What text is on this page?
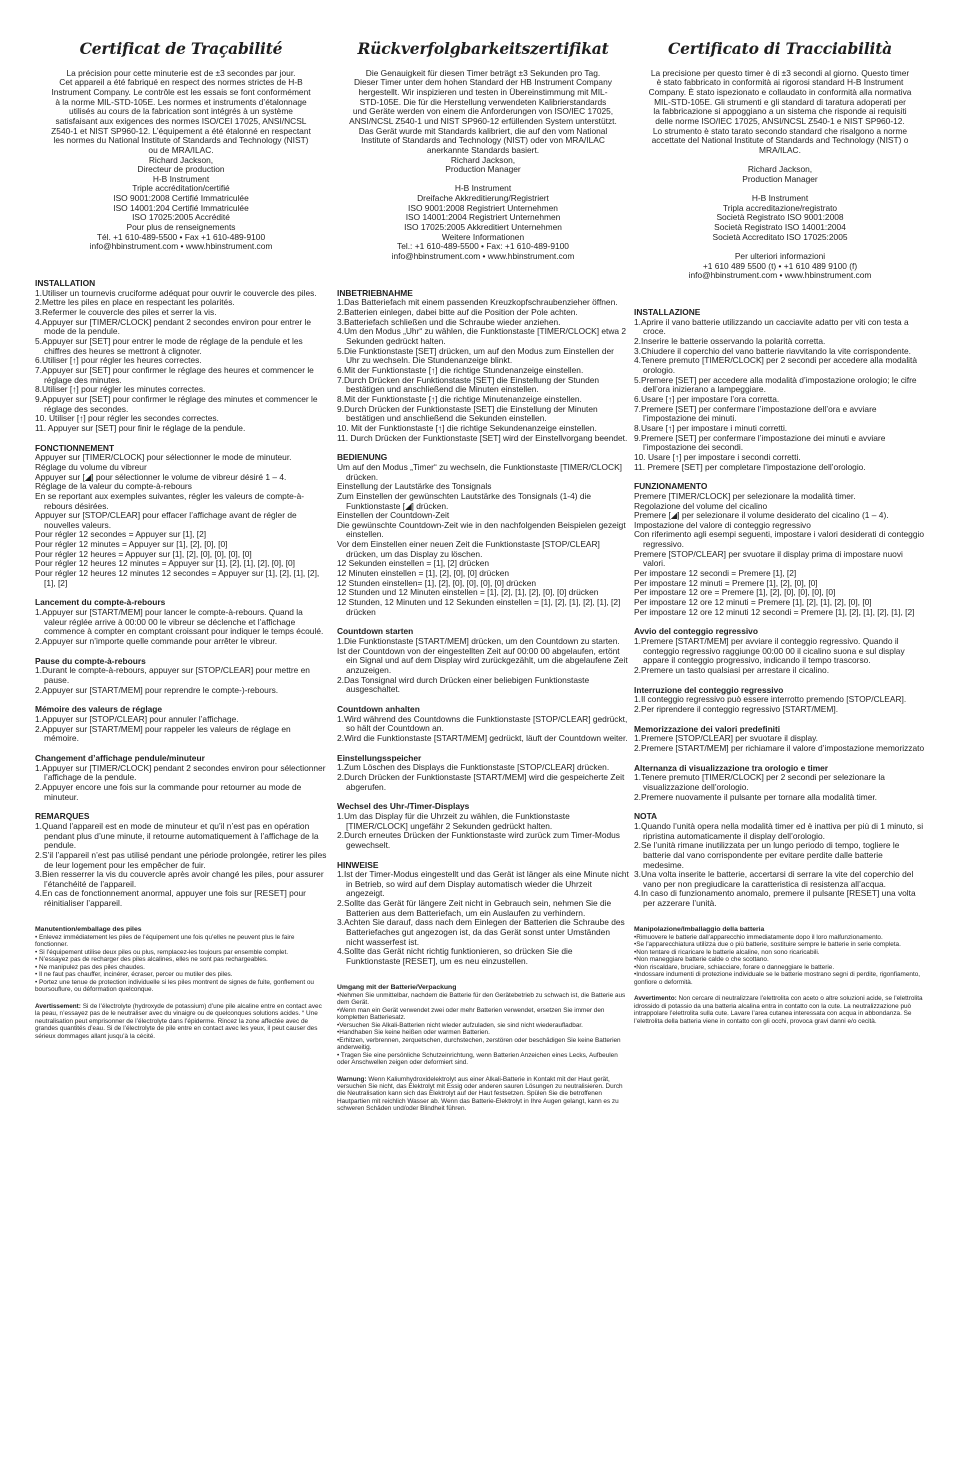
Certificat de Traçabilité
La précision pour cette minuterie est de ±3 secondes par jour.
Cet appareil a été fabriqué en respect des normes strictes de H-B
Instrument Company. Le contrôle est les essais se font conformément
à la norme MIL-STD-105E. Les normes et instruments d’étalonnage
utilisés au cours de la fabrication sont intégrés à un système
satisfaisant aux exigences des normes ISO/CEI 17025, ANSI/NCSL
Z540-1 et NIST SP960-12. L’équipement a été étalonné en respectant
les normes du National Institute of Standards and Technology (NIST)
ou de MRA/ILAC.
Richard Jackson,
Directeur de production
H-B Instrument
Triple accréditation/certifié
ISO 9001:2008 Certifié Immatriculée
ISO 14001:204 Certifié Immatriculée
ISO 17025:2005 Accrédité
Pour plus de renseignements
Tél. +1 610-489-5500 • Fax +1 610-489-9100
info@hbinstrument.com • www.hbinstrument.com

INSTALLATION

1.Utiliser un tournevis cruciforme adéquat pour ouvrir le couvercle des piles.
2.Mettre les piles en place en respectant les polarités.
3.Refermer le couvercle des piles et serrer la vis.
4.Appuyer sur [TIMER/CLOCK] pendant 2 secondes environ pour entrer le mode de la pendule.
5.Appuyer sur [SET] pour entrer le mode de réglage de la pendule et les chiffres des heures se mettront à clignoter.
6.Utiliser [↑] pour régler les heures correctes.
7.Appuyer sur [SET] pour confirmer le réglage des heures et commencer le réglage des minutes.
8.Utiliser [↑] pour régler les minutes correctes.
9.Appuyer sur [SET] pour confirmer le réglage des minutes et commencer le réglage des secondes.
10. Utiliser [↑] pour régler les secondes correctes.
11. Appuyer sur [SET] pour finir le réglage de la pendule.

FONCTIONNEMENT

Appuyer sur [TIMER/CLOCK] pour sélectionner le mode de minuteur.
Réglage du volume du vibreur
Appuyer sur [◢] pour sélectionner le volume de vibreur désiré 1 – 4.
Réglage de la valeur du compte-à-rebours
En se reportant aux exemples suivantes, régler les valeurs de compte-à-rebours désirées.
Appuyer sur [STOP/CLEAR] pour effacer l’affichage avant de régler de nouvelles valeurs.
Pour régler 12 secondes = Appuyer sur [1], [2]
Pour régler 12 minutes = Appuyer sur [1], [2], [0], [0]
Pour régler 12 heures = Appuyer sur [1], [2], [0], [0], [0], [0]
Pour régler 12 heures 12 minutes = Appuyer sur [1], [2], [1], [2], [0], [0]
Pour régler 12 heures 12 minutes 12 secondes = Appuyer sur [1], [2], [1], [2], [1], [2]

Lancement du compte-à-rebours

1.Appuyer sur [START/MEM] pour lancer le compte-à-rebours. Quand la valeur réglée arrive à 00:00 00 le vibreur se déclenche et l’affichage commence à compter en comptant croissant pour indiquer le temps écoulé.
2.Appuyer sur n’importe quelle commande pour arrêter le vibreur.

Pause du compte-à-rebours

1.Durant le compte-à-rebours, appuyer sur [STOP/CLEAR] pour mettre en pause.
2.Appuyer sur [START/MEM] pour reprendre le compte-)-rebours.

Mémoire des valeurs de réglage

1.Appuyer sur [STOP/CLEAR] pour annuler l’affichage.
2.Appuyer sur [START/MEM] pour rappeler les valeurs de réglage en mémoire.

Changement d’affichage pendule/minuteur

1.Appuyer sur [TIMER/CLOCK] pendant 2 secondes environ pour sélectionner l’affichage de la pendule.
2.Appuyer encore une fois sur la commande pour retourner au mode de minuteur.

REMARQUES

1.Quand l’appareil est en mode de minuteur et qu’il n’est pas en opération pendant plus d’une minute, il retourne automatiquement à l’affichage de la pendule.
2.S’il l’appareil n’est pas utilisé pendant une période prolongée, retirer les piles de leur logement pour les empêcher de fuir.
3.Bien resserrer la vis du couvercle après avoir changé les piles, pour assurer l’étanchéité de l’appareil.
4.En cas de fonctionnement anormal, appuyer une fois sur [RESET] pour réinitialiser l’appareil.

Manutention/emballage des piles

• Enlevez immédiatement les piles de l’équipement une fois qu’elles ne peuvent plus le faire fonctionner.

• Si l’équipement utilise deux piles ou plus, remplacez-les toujours par ensemble complet.

• N’essayez pas de recharger des piles alcalines, elles ne sont pas rechargeables.

• Ne manipulez pas des piles chaudes.

• Il ne faut pas chauffer, incinérer, écraser, percer ou mutiler des piles.

• Portez une tenue de protection individuelle si les piles montrent de signes de fuite, gonflement ou boursouflure, ou déformation quelconque.

Avertissement: Si de l’électrolyte (hydroxyde de potassium) d’une pile alcaline entre en contact avec la peau, n’essayez pas de le neutraliser avec du vinaigre ou de quelconques solutions acides. “ Une neutralisation peut emprisonner de l’électrolyte dans l’épiderme. Rincez la zone affectée avec de grandes quantités d’eau. Si de l’électrolyte de pile entre en contact avec les yeux, il peut causer des sérieux dommages allant jusqu’à la cécité.

Rückverfolgbarkeitszertifikat
Die Genauigkeit für diesen Timer beträgt ±3 Sekunden pro Tag.
Dieser Timer unter dem hohen Standard der HB Instrument Company
hergestellt. Wir inspizieren und testen in Übereinstimmung mit MIL-
STD-105E. Die für die Herstellung verwendeten Kalibrierstandards
und Geräte werden von einem die Anforderungen von ISO/IEC 17025,
ANSI/NCSL Z540-1 und NIST SP960-12 erfüllenden System unterstützt.
Das Gerät wurde mit Standards kalibriert, die auf den vom National
Institute of Standards and Technology (NIST) oder von MRA/ILAC
anerkannte Standards basiert.
Richard Jackson,
Production Manager

H-B Instrument
Dreifache Akkreditierung/Registriert
ISO 9001:2008 Registriert Unternehmen
ISO 14001:2004 Registriert Unternehmen
ISO 17025:2005 Akkreditiert Unternehmen
Weitere Informationen
Tel.: +1 610-489-5500 • Fax: +1 610-489-9100
info@hbinstrument.com • www.hbinstrument.com

INBETRIEBNAHME

1.Das Batteriefach mit einem passenden Kreuzkopfschraubenzieher öffnen.
2.Batterien einlegen, dabei bitte auf die Position der Pole achten.
3.Batteriefach schließen und die Schraube wieder anziehen.
4.Um den Modus „Uhr“ zu wählen, die Funktionstaste [TIMER/CLOCK] etwa 2 Sekunden gedrückt halten.
5.Die Funktionstaste [SET] drücken, um auf den Modus zum Einstellen der Uhr zu wechseln. Die Stundenanzeige blinkt.
6.Mit der Funktionstaste [↑] die richtige Stundenanzeige einstellen.
7.Durch Drücken der Funktionstaste [SET] die Einstellung der Stunden bestätigen und anschließend die Minuten einstellen.
8.Mit der Funktionstaste [↑] die richtige Minutenanzeige einstellen.
9.Durch Drücken der Funktionstaste [SET] die Einstellung der Minuten bestätigen und anschließend die Sekunden einstellen.
10. Mit der Funktionstaste [↑] die richtige Sekundenanzeige einstellen.
11. Durch Drücken der Funktionstaste [SET] wird der Einstellvorgang beendet.

BEDIENUNG

Um auf den Modus „Timer“ zu wechseln, die Funktionstaste [TIMER/CLOCK] drücken.
Einstellung der Lautstärke des Tonsignals
Zum Einstellen der gewünschten Lautstärke des Tonsignals (1-4) die Funktionstaste [◢] drücken.
Einstellen der Countdown-Zeit
Die gewünschte Countdown-Zeit wie in den nachfolgenden Beispielen gezeigt einstellen.
Vor dem Einstellen einer neuen Zeit die Funktionstaste [STOP/CLEAR] drücken, um das Display zu löschen.
12 Sekunden einstellen = [1], [2] drücken
12 Minuten einstellen = [1], [2], [0], [0] drücken
12 Stunden einstellen= [1], [2], [0], [0], [0], [0] drücken
12 Stunden und 12 Minuten einstellen = [1], [2], [1], [2], [0], [0] drücken
12 Stunden, 12 Minuten und 12 Sekunden einstellen = [1], [2], [1], [2], [1], [2] drücken

Countdown starten

1.Die Funktionstaste [START/MEM] drücken, um den Countdown zu starten.
Ist der Countdown von der eingestellten Zeit auf 00:00 00 abgelaufen, ertönt ein Signal und auf dem Display wird zurückgezählt, um die abgelaufene Zeit anzuzeigen.
2.Das Tonsignal wird durch Drücken einer beliebigen Funktionstaste ausgeschaltet.

Countdown anhalten

1.Wird während des Countdowns die Funktionstaste [STOP/CLEAR] gedrückt, so hält der Countdown an.
2.Wird die Funktionstaste [START/MEM] gedrückt, läuft der Countdown weiter.

Einstellungsspeicher

1.Zum Löschen des Displays die Funktionstaste [STOP/CLEAR] drücken.
2.Durch Drücken der Funktionstaste [START/MEM] wird die gespeicherte Zeit abgerufen.

Wechsel des Uhr-/Timer-Displays

1.Um das Display für die Uhrzeit zu wählen, die Funktionstaste [TIMER/CLOCK] ungefähr 2 Sekunden gedrückt halten.
2.Durch erneutes Drücken der Funktionstaste wird zurück zum Timer-Modus gewechselt.

HINWEISE

1.Ist der Timer-Modus eingestellt und das Gerät ist länger als eine Minute nicht in Betrieb, so wird auf dem Display automatisch wieder die Uhrzeit angezeigt.
2.Sollte das Gerät für längere Zeit nicht in Gebrauch sein, nehmen Sie die Batterien aus dem Batteriefach, um ein Auslaufen zu verhindern.
3.Achten Sie darauf, dass nach dem Einlegen der Batterien die Schraube des Batteriefaches gut angezogen ist, da das Gerät sonst unter Umständen nicht wasserfest ist.
4.Sollte das Gerät nicht richtig funktionieren, so drücken Sie die Funktionstaste [RESET], um es neu einzustellen.

Umgang mit der Batterie/Verpackung

•Nehmen Sie unmittelbar, nachdem die Batterie für den Gerätebetrieb zu schwach ist, die Batterie aus dem Gerät.

•Wenn man ein Gerät verwendet zwei oder mehr Batterien verwendet, ersetzen Sie immer den kompletten Batteriesatz.

•Versuchen Sie Alkali-Batterien nicht wieder aufzuladen, sie sind nicht wiederaufladbar.

•Handhaben Sie keine heißen oder warmen Batterien.

•Erhitzen, verbrennen, zerquetschen, durchstechen, zerstören oder beschädigen Sie keine Batterien anderweitig.

• Tragen Sie eine persönliche Schutzeinrichtung, wenn Batterien Anzeichen eines Lecks, Aufbeulen oder Anschwellen zeigen oder deformiert sind.

Warnung: Wenn Kaliumhydroxidelektrolyt aus einer Alkali-Batterie in Kontakt mit der Haut gerät, versuchen Sie nicht, das Elektrolyt mit Essig oder anderen sauren Lösungen zu neutralisieren. Durch die Neutralisation kann sich das Elektrolyt auf der Haut festsetzen. Spülen Sie die betroffenen Hautpartien mit reichlich Wasser ab. Wenn das Batterie-Elektrolyt in Ihre Augen gelangt, kann es zu schweren Schäden und/oder Blindheit führen.

Certificato di Tracciabilità
La precisione per questo timer è di ±3 secondi al giorno. Questo timer
è stato fabbricato in conformità ai rigorosi standard H-B Instrument
Company. È stato ispezionato e collaudato in conformità alla normativa
MIL-STD-105E. Gli strumenti e gli standard di taratura adoperati per
la fabbricazione si appoggiano a un sistema che risponde ai requisiti
delle norme ISO/IEC 17025, ANSI/NCSL Z540-1 e NIST SP960-12.
Lo strumento è stato tarato secondo standard che risalgono a norme
accettate del National Institute of Standards and Technology (NIST) o
MRA/ILAC.

Richard Jackson,
Production Manager

H-B Instrument
Tripla accreditazione/registrato
Società Registrato ISO 9001:2008
Società Registrato ISO 14001:2004
Società Accreditato ISO 17025:2005

Per ulteriori informazioni
+1 610 489 5500 (t) • +1 610 489 9100 (f)
info@hbinstrument.com • www.hbinstrument.com

INSTALLAZIONE

1.Aprire il vano batterie utilizzando un cacciavite adatto per viti con testa a croce.
2.Inserire le batterie osservando la polarità corretta.
3.Chiudere il coperchio del vano batterie riavvitando la vite corrispondente.
4.Tenere premuto [TIMER/CLOCK] per 2 secondi per accedere alla modalità orologio.
5.Premere [SET] per accedere alla modalità d’impostazione orologio; le cifre dell’ora inizierano a lampeggiare.
6.Usare [↑] per impostare l’ora corretta.
7.Premere [SET] per confermare l’impostazione dell’ora e avviare l’impostazione dei minuti.
8.Usare [↑] per impostare i minuti corretti.
9.Premere [SET] per confermare l’impostazione dei minuti e avviare l’impostazione dei secondi.
10. Usare [↑] per impostare i secondi corretti.
11. Premere [SET] per completare l’impostazione dell’orologio.

FUNZIONAMENTO

Premere [TIMER/CLOCK] per selezionare la modalità timer.
Regolazione del volume del cicalino
Premere [◢] per selezionare il volume desiderato del cicalino (1 – 4).
Impostazione del valore di conteggio regressivo
Con riferimento agli esempi seguenti, impostare i valori desiderati di conteggio regressivo.
Premere [STOP/CLEAR] per svuotare il display prima di impostare nuovi valori.
Per impostare 12 secondi = Premere [1], [2]
Per impostare 12 minuti = Premere [1], [2], [0], [0]
Per impostare 12 ore = Premere [1], [2], [0], [0], [0], [0]
Per impostare 12 ore 12 minuti = Premere [1], [2], [1], [2], [0], [0]
Per impostare 12 ore 12 minuti 12 secondi = Premere [1], [2], [1], [2], [1], [2]

Avvio del conteggio regressivo

1.Premere [START/MEM] per avviare il conteggio regressivo. Quando il conteggio regressivo raggiunge 00:00 00 il cicalino suona e sul display appare il conteggio progressivo, indicando il tempo trascorso.
2.Premere un tasto qualsiasi per arrestare il cicalino.

Interruzione del conteggio regressivo

1.Il conteggio regressivo può essere interrotto premendo [STOP/CLEAR].
2.Per riprendere il conteggio regressivo [START/MEM].

Memorizzazione dei valori predefiniti

1.Premere [STOP/CLEAR] per svuotare il display.
2.Premere [START/MEM] per richiamare il valore d’impostazione memorizzato

Alternanza di visualizzazione tra orologio e timer

1.Tenere premuto [TIMER/CLOCK] per 2 secondi per selezionare la visualizzazione dell’orologio.
2.Premere nuovamente il pulsante per tornare alla modalità timer.

NOTA

1.Quando l’unità opera nella modalità timer ed è inattiva per più di 1 minuto, si ripristina automaticamente il display dell’orologio.
2.Se l’unità rimane inutilizzata per un lungo periodo di tempo, togliere le batterie dal vano corrispondente per evitare perdite dalle batterie medesime.
3.Una volta inserite le batterie, accertarsi di serrare la vite del coperchio del vano per non pregiudicare la caratteristica di resistenza all’acqua.
4.In caso di funzionamento anomalo, premere il pulsante [RESET] una volta per azzerare l’unità.

Manipolazione/Imballaggio della batteria

•Rimuovere le batterie dall’apparecchio immediatamente dopo il loro malfunzionamento.

•Se l’apparecchiatura utilizza due o più batterie, sostituire sempre le batterie in serie completa.

•Non tentare di ricaricare le batterie alcaline, non sono ricaricabili.

•Non maneggiare batterie calde o che scottano.

•Non riscaldare, bruciare, schiacciare, forare o danneggiare le batterie.

•Indossare indumenti di protezione individuale se le batterie mostrano segni di perdite, rigonfiamento, gonfiore o deformità.

Avvertimento: Non cercare di neutralizzare l’elettrolita con aceto o altre soluzioni acide, se l’elettrolita idrossido di potassio da una batteria alcalina entra in contatto con la cute. La neutralizzazione può intrappolare l’elettrolita sulla cute. Lavare l’area cutanea interessata con acqua in abbondanza. Se l’elettrolita della batteria viene in contatto con gli occhi, provoca gravi danni e/o cecità.
